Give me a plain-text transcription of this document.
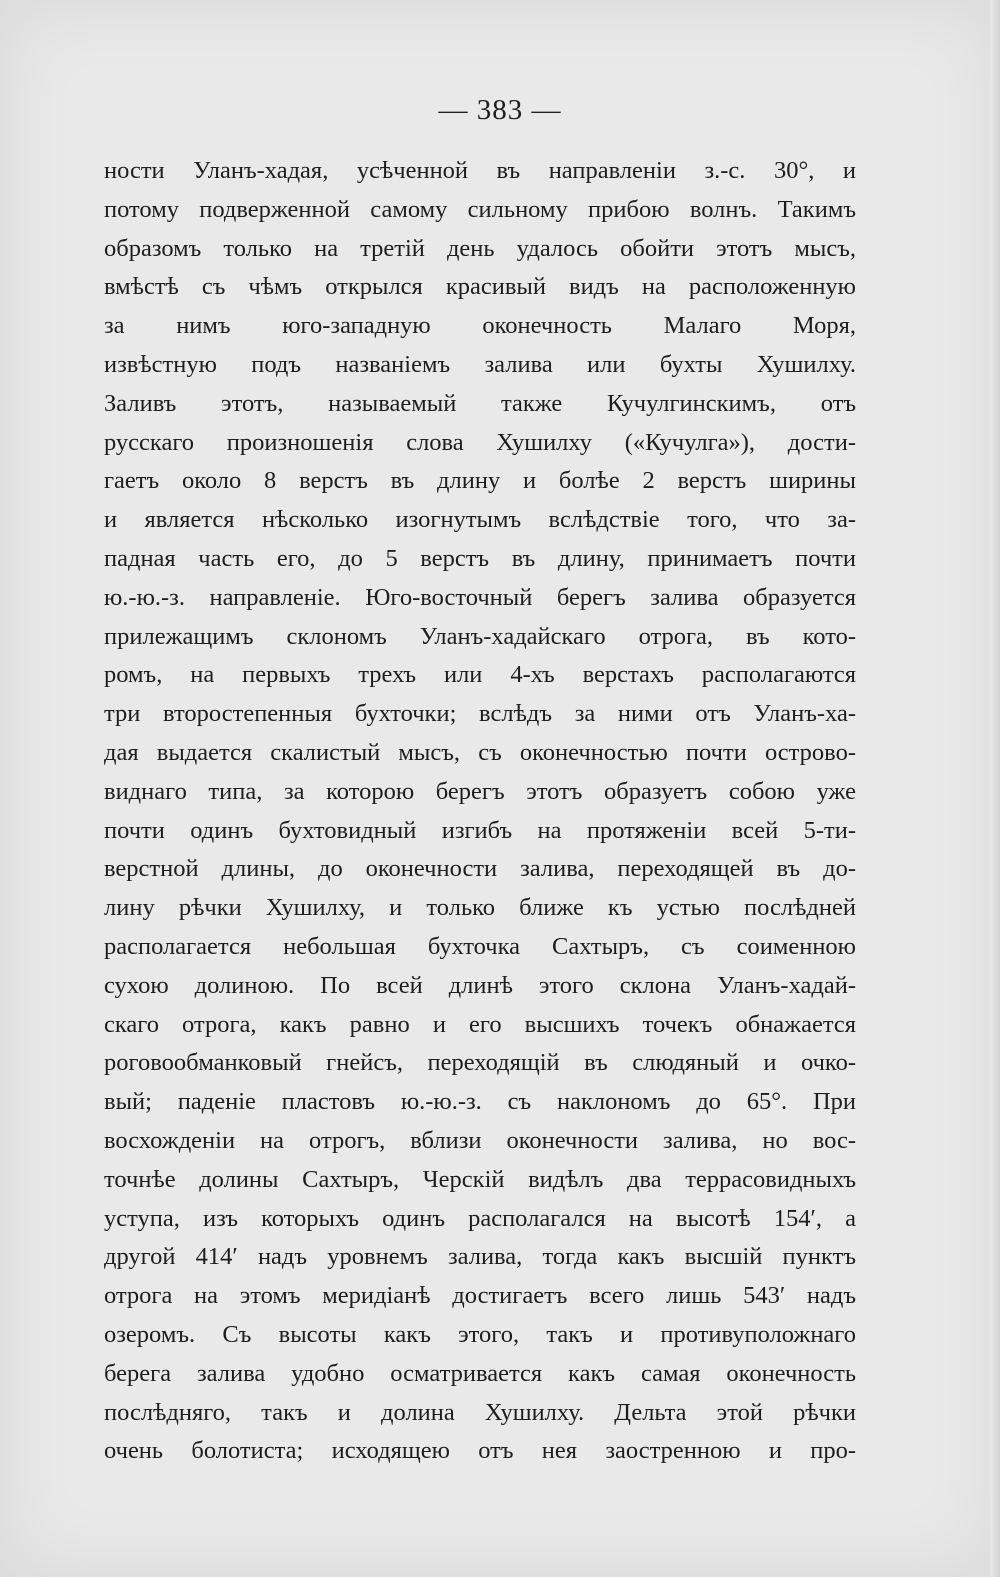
— 383 —
ности Уланъ-хадая, усѣченной въ направленіи з.-с. 30°, и
потому подверженной самому сильному прибою волнъ. Такимъ
образомъ только на третій день удалось обойти этотъ мысъ,
вмѣстѣ съ чѣмъ открылся красивый видъ на расположенную
за нимъ юго-западную оконечность Малаго Моря,
извѣстную подъ названіемъ залива или бухты Хушилху.
Заливъ этотъ, называемый также Кучулгинскимъ, отъ
русскаго произношенія слова Хушилху («Кучулга»), дости-
гаетъ около 8 верстъ въ длину и болѣе 2 верстъ ширины
и является нѣсколько изогнутымъ вслѣдствіе того, что за-
падная часть его, до 5 верстъ въ длину, принимаетъ почти
ю.-ю.-з. направленіе. Юго-восточный берегъ залива образуется
прилежащимъ склономъ Уланъ-хадайскаго отрога, въ кото-
ромъ, на первыхъ трехъ или 4-хъ верстахъ располагаются
три второстепенныя бухточки; вслѣдъ за ними отъ Уланъ-ха-
дая выдается скалистый мысъ, съ оконечностью почти острово-
виднаго типа, за которою берегъ этотъ образуетъ собою уже
почти одинъ бухтовидный изгибъ на протяженіи всей 5-ти-
верстной длины, до оконечности залива, переходящей въ до-
лину рѣчки Хушилху, и только ближе къ устью послѣдней
располагается небольшая бухточка Сахтыръ, съ соименною
сухою долиною. По всей длинѣ этого склона Уланъ-хадай-
скаго отрога, какъ равно и его высшихъ точекъ обнажается
роговообманковый гнейсъ, переходящій въ слюдяный и очко-
вый; паденіе пластовъ ю.-ю.-з. съ наклономъ до 65°. При
восхожденіи на отрогъ, вблизи оконечности залива, но вос-
точнѣе долины Сахтыръ, Черскій видѣлъ два террасовидныхъ
уступа, изъ которыхъ одинъ располагался на высотѣ 154′, а
другой 414′ надъ уровнемъ залива, тогда какъ высшій пунктъ
отрога на этомъ меридіанѣ достигаетъ всего лишь 543′ надъ
озеромъ. Съ высоты какъ этого, такъ и противуположнаго
берега залива удобно осматривается какъ самая оконечность
послѣдняго, такъ и долина Хушилху. Дельта этой рѣчки
очень болотиста; исходящею отъ нея заостренною и про-
